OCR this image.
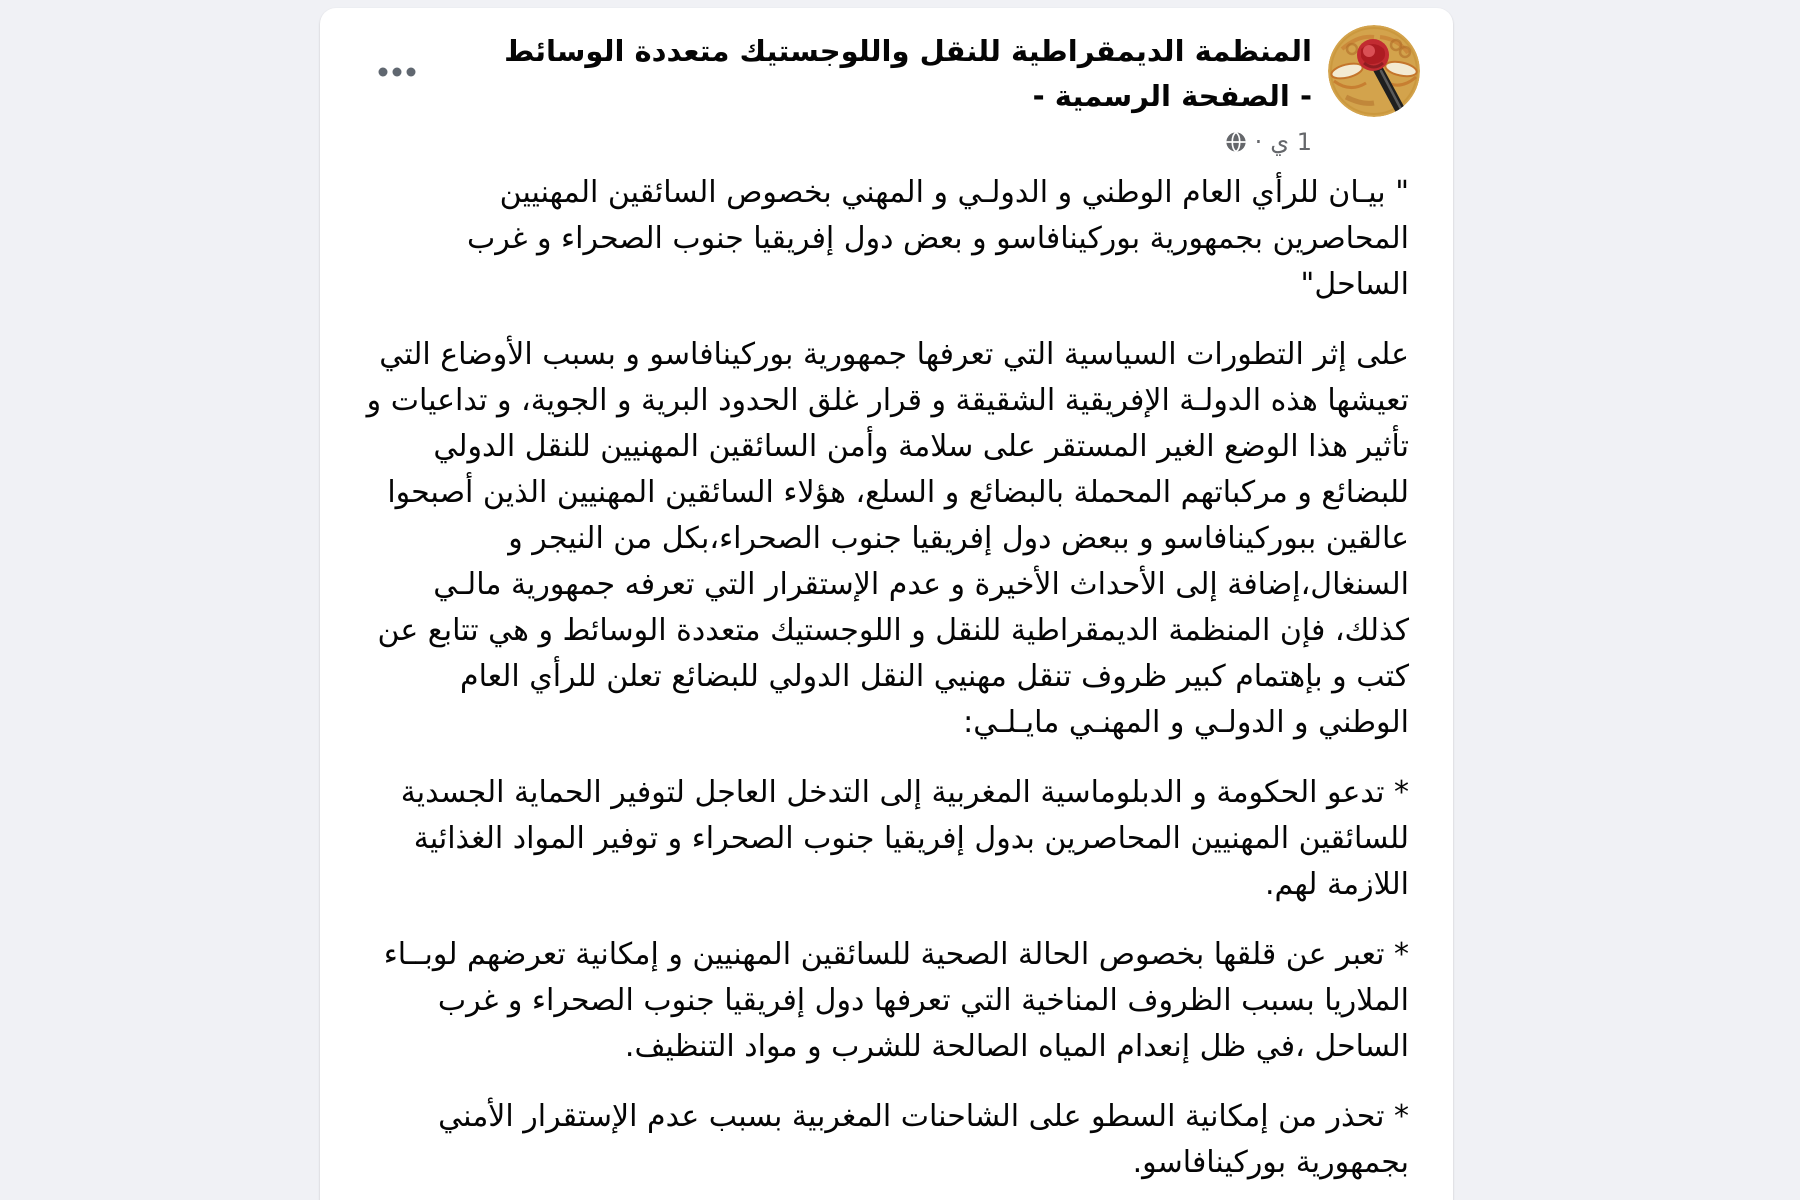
المنظمة الديمقراطية للنقل واللوجستيك متعددة الوسائط - الصفحة الرسمية -
1 ي
·

" بيـان للرأي العام الوطني و الدولـي و المهني بخصوص السائقين المهنيين المحاصرين بجمهورية بوركينافاسو و بعض دول إفريقيا جنوب الصحراء و غرب الساحل"

على إثر التطورات السياسية التي تعرفها جمهورية بوركينافاسو و بسبب الأوضاع التي تعيشها هذه الدولـة الإفريقية الشقيقة و قرار غلق الحدود البرية و الجوية، و تداعيات و تأثير هذا الوضع الغير المستقر على سلامة وأمن السائقين المهنيين للنقل الدولي للبضائع و مركباتهم المحملة بالبضائع و السلع، هؤلاء السائقين المهنيين الذين أصبحوا عالقين ببوركينافاسو و ببعض دول إفريقيا جنوب الصحراء،بكل من النيجر و السنغال،إضافة إلى الأحداث الأخيرة و عدم الإستقرار التي تعرفه جمهورية مالـي كذلك، فإن المنظمة الديمقراطية للنقل و اللوجستيك متعددة الوسائط و هي تتابع عن كتب و بإهتمام كبير ظروف تنقل مهنيي النقل الدولي للبضائع تعلن للرأي العام الوطني و الدولـي و المهنـي مايـلـي:

* تدعو الحكومة و الدبلوماسية المغربية إلى التدخل العاجل لتوفير الحماية الجسدية للسائقين المهنيين المحاصرين بدول إفريقيا جنوب الصحراء و توفير المواد الغذائية اللازمة لهم.

* تعبر عن قلقها بخصوص الحالة الصحية للسائقين المهنيين و إمكانية تعرضهم لوبــاء الملاريا بسبب الظروف المناخية التي تعرفها دول إفريقيا جنوب الصحراء و غرب الساحل ،في ظل إنعدام المياه الصالحة للشرب و مواد التنظيف.

* تحذر من إمكانية السطو على الشاحنات المغربية بسبب عدم الإستقرار الأمني بجمهورية بوركينافاسو.
